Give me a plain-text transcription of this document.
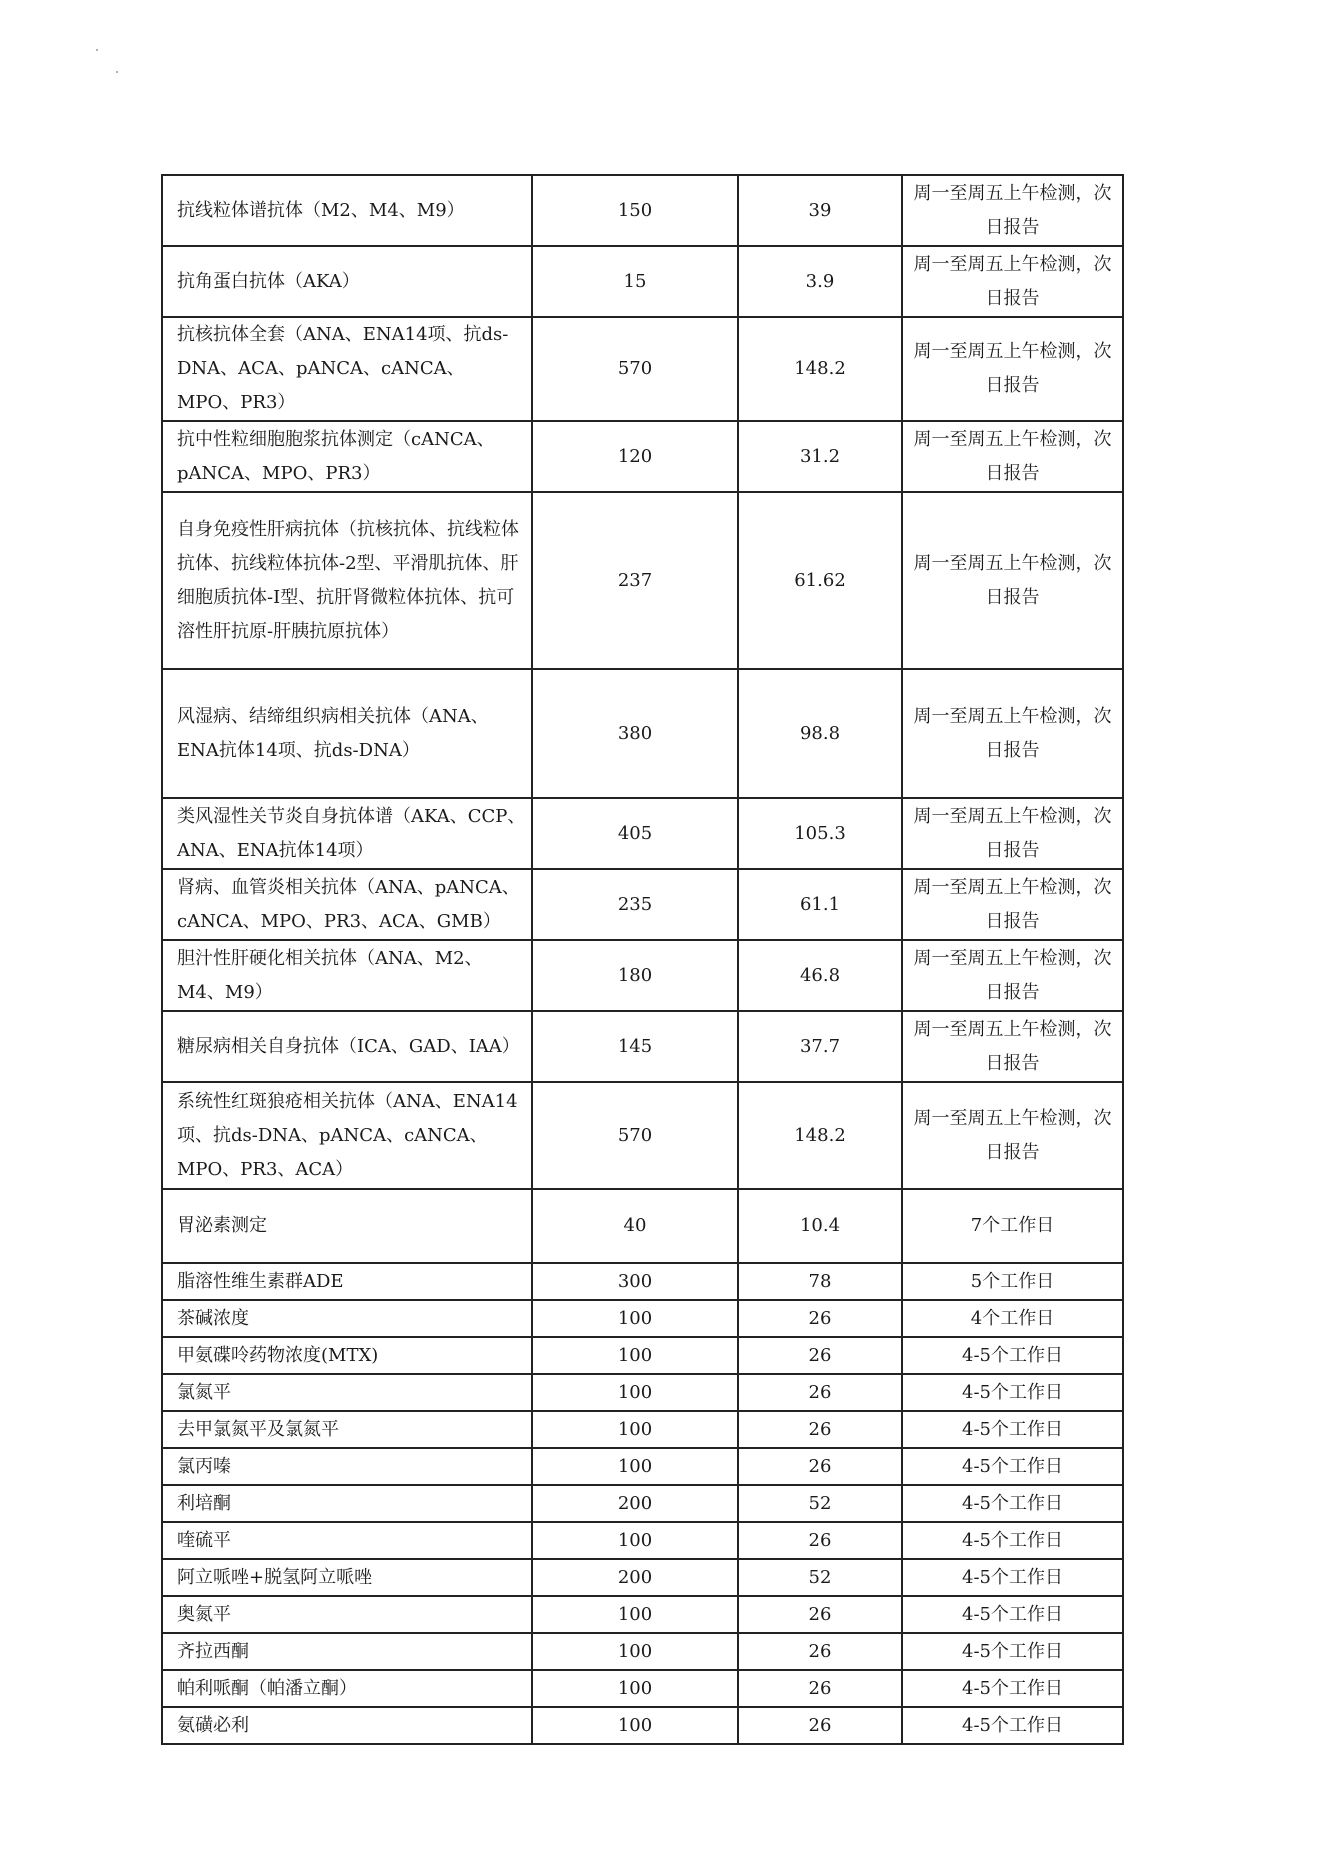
抗线粒体谱抗体（M2、M4、M9）	150	39	周一至周五上午检测，次日报告
抗角蛋白抗体（AKA）	15	3.9	周一至周五上午检测，次日报告
抗核抗体全套（ANA、ENA14项、抗ds-DNA、ACA、pANCA、cANCA、MPO、PR3）	570	148.2	周一至周五上午检测，次日报告
抗中性粒细胞胞浆抗体测定（cANCA、pANCA、MPO、PR3）	120	31.2	周一至周五上午检测，次日报告
自身免疫性肝病抗体（抗核抗体、抗线粒体抗体、抗线粒体抗体-2型、平滑肌抗体、肝细胞质抗体-Ⅰ型、抗肝肾微粒体抗体、抗可溶性肝抗原-肝胰抗原抗体）	237	61.62	周一至周五上午检测，次日报告
风湿病、结缔组织病相关抗体（ANA、ENA抗体14项、抗ds-DNA）	380	98.8	周一至周五上午检测，次日报告
类风湿性关节炎自身抗体谱（AKA、CCP、ANA、ENA抗体14项）	405	105.3	周一至周五上午检测，次日报告
肾病、血管炎相关抗体（ANA、pANCA、cANCA、MPO、PR3、ACA、GMB）	235	61.1	周一至周五上午检测，次日报告
胆汁性肝硬化相关抗体（ANA、M2、M4、M9）	180	46.8	周一至周五上午检测，次日报告
糖尿病相关自身抗体（ICA、GAD、IAA）	145	37.7	周一至周五上午检测，次日报告
系统性红斑狼疮相关抗体（ANA、ENA14项、抗ds-DNA、pANCA、cANCA、MPO、PR3、ACA）	570	148.2	周一至周五上午检测，次日报告
胃泌素测定	40	10.4	7个工作日
脂溶性维生素群ADE	300	78	5个工作日
茶碱浓度	100	26	4个工作日
甲氨碟呤药物浓度(MTX)	100	26	4-5个工作日
氯氮平	100	26	4-5个工作日
去甲氯氮平及氯氮平	100	26	4-5个工作日
氯丙嗪	100	26	4-5个工作日
利培酮	200	52	4-5个工作日
喹硫平	100	26	4-5个工作日
阿立哌唑+脱氢阿立哌唑	200	52	4-5个工作日
奥氮平	100	26	4-5个工作日
齐拉西酮	100	26	4-5个工作日
帕利哌酮（帕潘立酮）	100	26	4-5个工作日
氨磺必利	100	26	4-5个工作日
